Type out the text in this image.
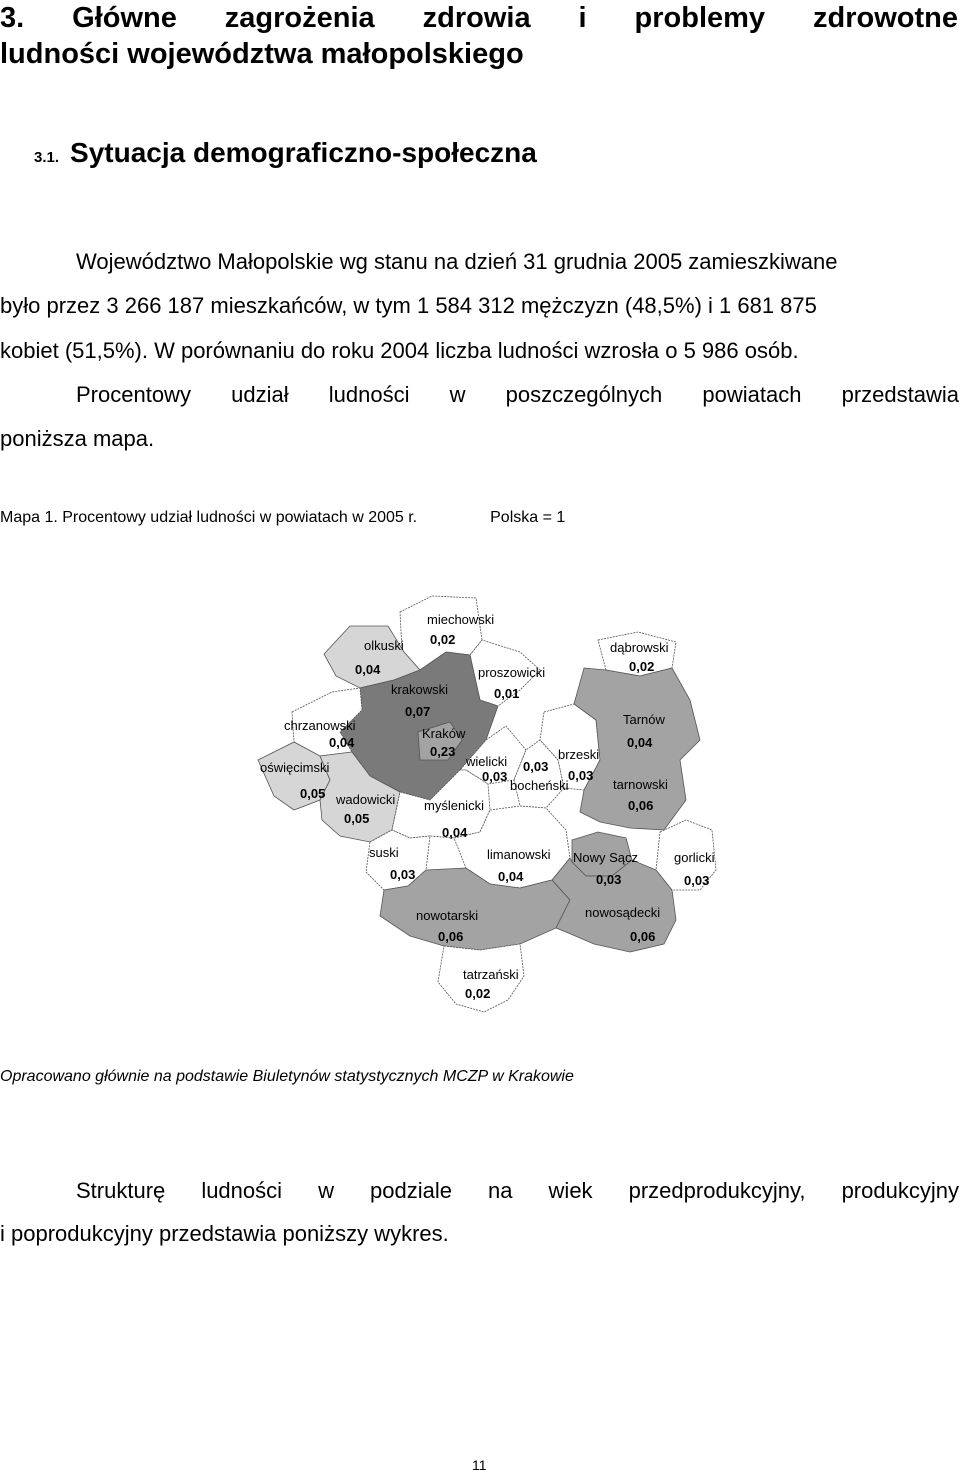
3. Główne zagrożenia zdrowia i problemy zdrowotne
ludności województwa małopolskiego
3.1. Sytuacja demograficzno-społeczna
Województwo Małopolskie wg stanu na dzień 31 grudnia 2005 zamieszkiwane
było przez 3 266 187 mieszkańców, w tym 1 584 312 mężczyzn (48,5%) i 1 681 875
kobiet (51,5%). W porównaniu do roku 2004 liczba ludności wzrosła o 5 986 osób.
Procentowy udział ludności w poszczególnych powiatach przedstawia
poniższa mapa.
Mapa 1. Procentowy udział ludności w powiatach w 2005 r.	Polska = 1
miechowski
0,02
olkuski
0,04
dąbrowski
0,02
proszowicki
0,01
krakowski
0,07
chrzanowski
0,04
Kraków
0,23
Tarnów
0,04
wielicki
0,03
brzeski
0,03
bocheński
0,03
oświęcimski
0,05 wadowicki
0,05
tarnowski
0,06
myślenicki
0,04
suski
0,03
limanowski
0,04
Nowy Sącz
0,03
gorlicki
0,03
nowotarski
0,06
nowosądecki
0,06
tatrzański
0,02
Opracowano głównie na podstawie Biuletynów statystycznych MCZP w Krakowie
Strukturę ludności w podziale na wiek przedprodukcyjny, produkcyjny
i poprodukcyjny przedstawia poniższy wykres.
11
